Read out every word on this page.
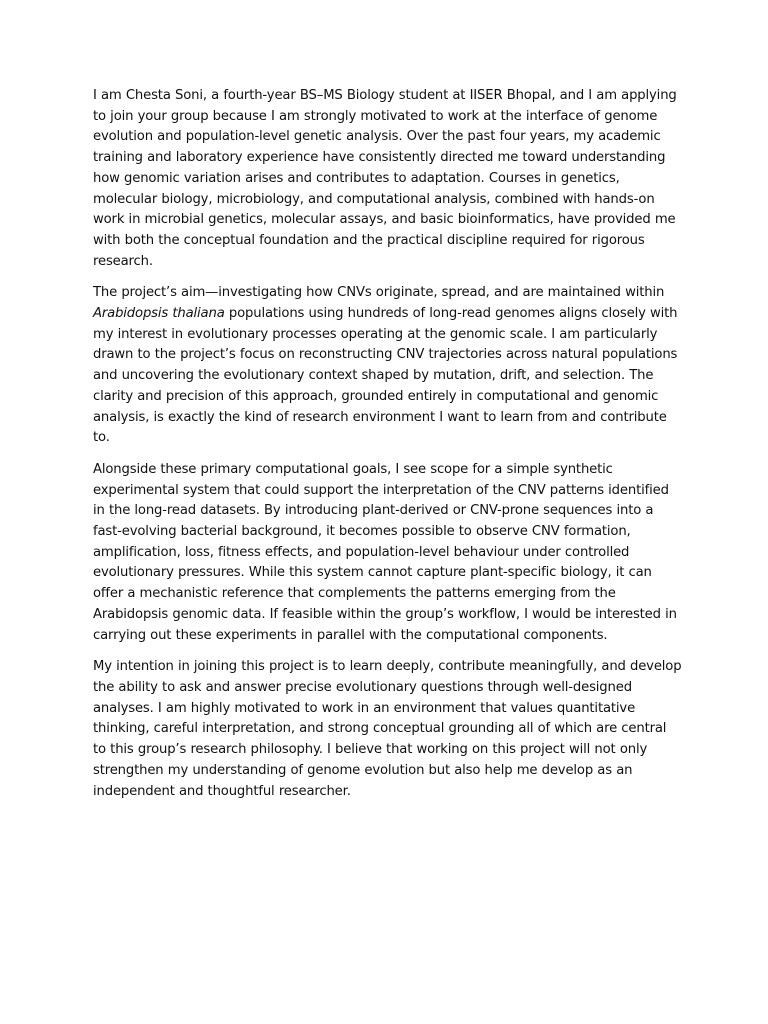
I am Chesta Soni, a fourth-year BS–MS Biology student at IISER Bhopal, and I am applying to join your group because I am strongly motivated to work at the interface of genome evolution and population-level genetic analysis. Over the past four years, my academic training and laboratory experience have consistently directed me toward understanding how genomic variation arises and contributes to adaptation. Courses in genetics, molecular biology, microbiology, and computational analysis, combined with hands-on work in microbial genetics, molecular assays, and basic bioinformatics, have provided me with both the conceptual foundation and the practical discipline required for rigorous research.

The project’s aim—investigating how CNVs originate, spread, and are maintained within Arabidopsis thaliana populations using hundreds of long-read genomes aligns closely with my interest in evolutionary processes operating at the genomic scale. I am particularly drawn to the project’s focus on reconstructing CNV trajectories across natural populations and uncovering the evolutionary context shaped by mutation, drift, and selection. The clarity and precision of this approach, grounded entirely in computational and genomic analysis, is exactly the kind of research environment I want to learn from and contribute to.

Alongside these primary computational goals, I see scope for a simple synthetic experimental system that could support the interpretation of the CNV patterns identified in the long-read datasets. By introducing plant-derived or CNV-prone sequences into a fast-evolving bacterial background, it becomes possible to observe CNV formation, amplification, loss, fitness effects, and population-level behaviour under controlled evolutionary pressures. While this system cannot capture plant-specific biology, it can offer a mechanistic reference that complements the patterns emerging from the Arabidopsis genomic data. If feasible within the group’s workflow, I would be interested in carrying out these experiments in parallel with the computational components.

My intention in joining this project is to learn deeply, contribute meaningfully, and develop the ability to ask and answer precise evolutionary questions through well-designed analyses. I am highly motivated to work in an environment that values quantitative thinking, careful interpretation, and strong conceptual grounding all of which are central to this group’s research philosophy. I believe that working on this project will not only strengthen my understanding of genome evolution but also help me develop as an independent and thoughtful researcher.
